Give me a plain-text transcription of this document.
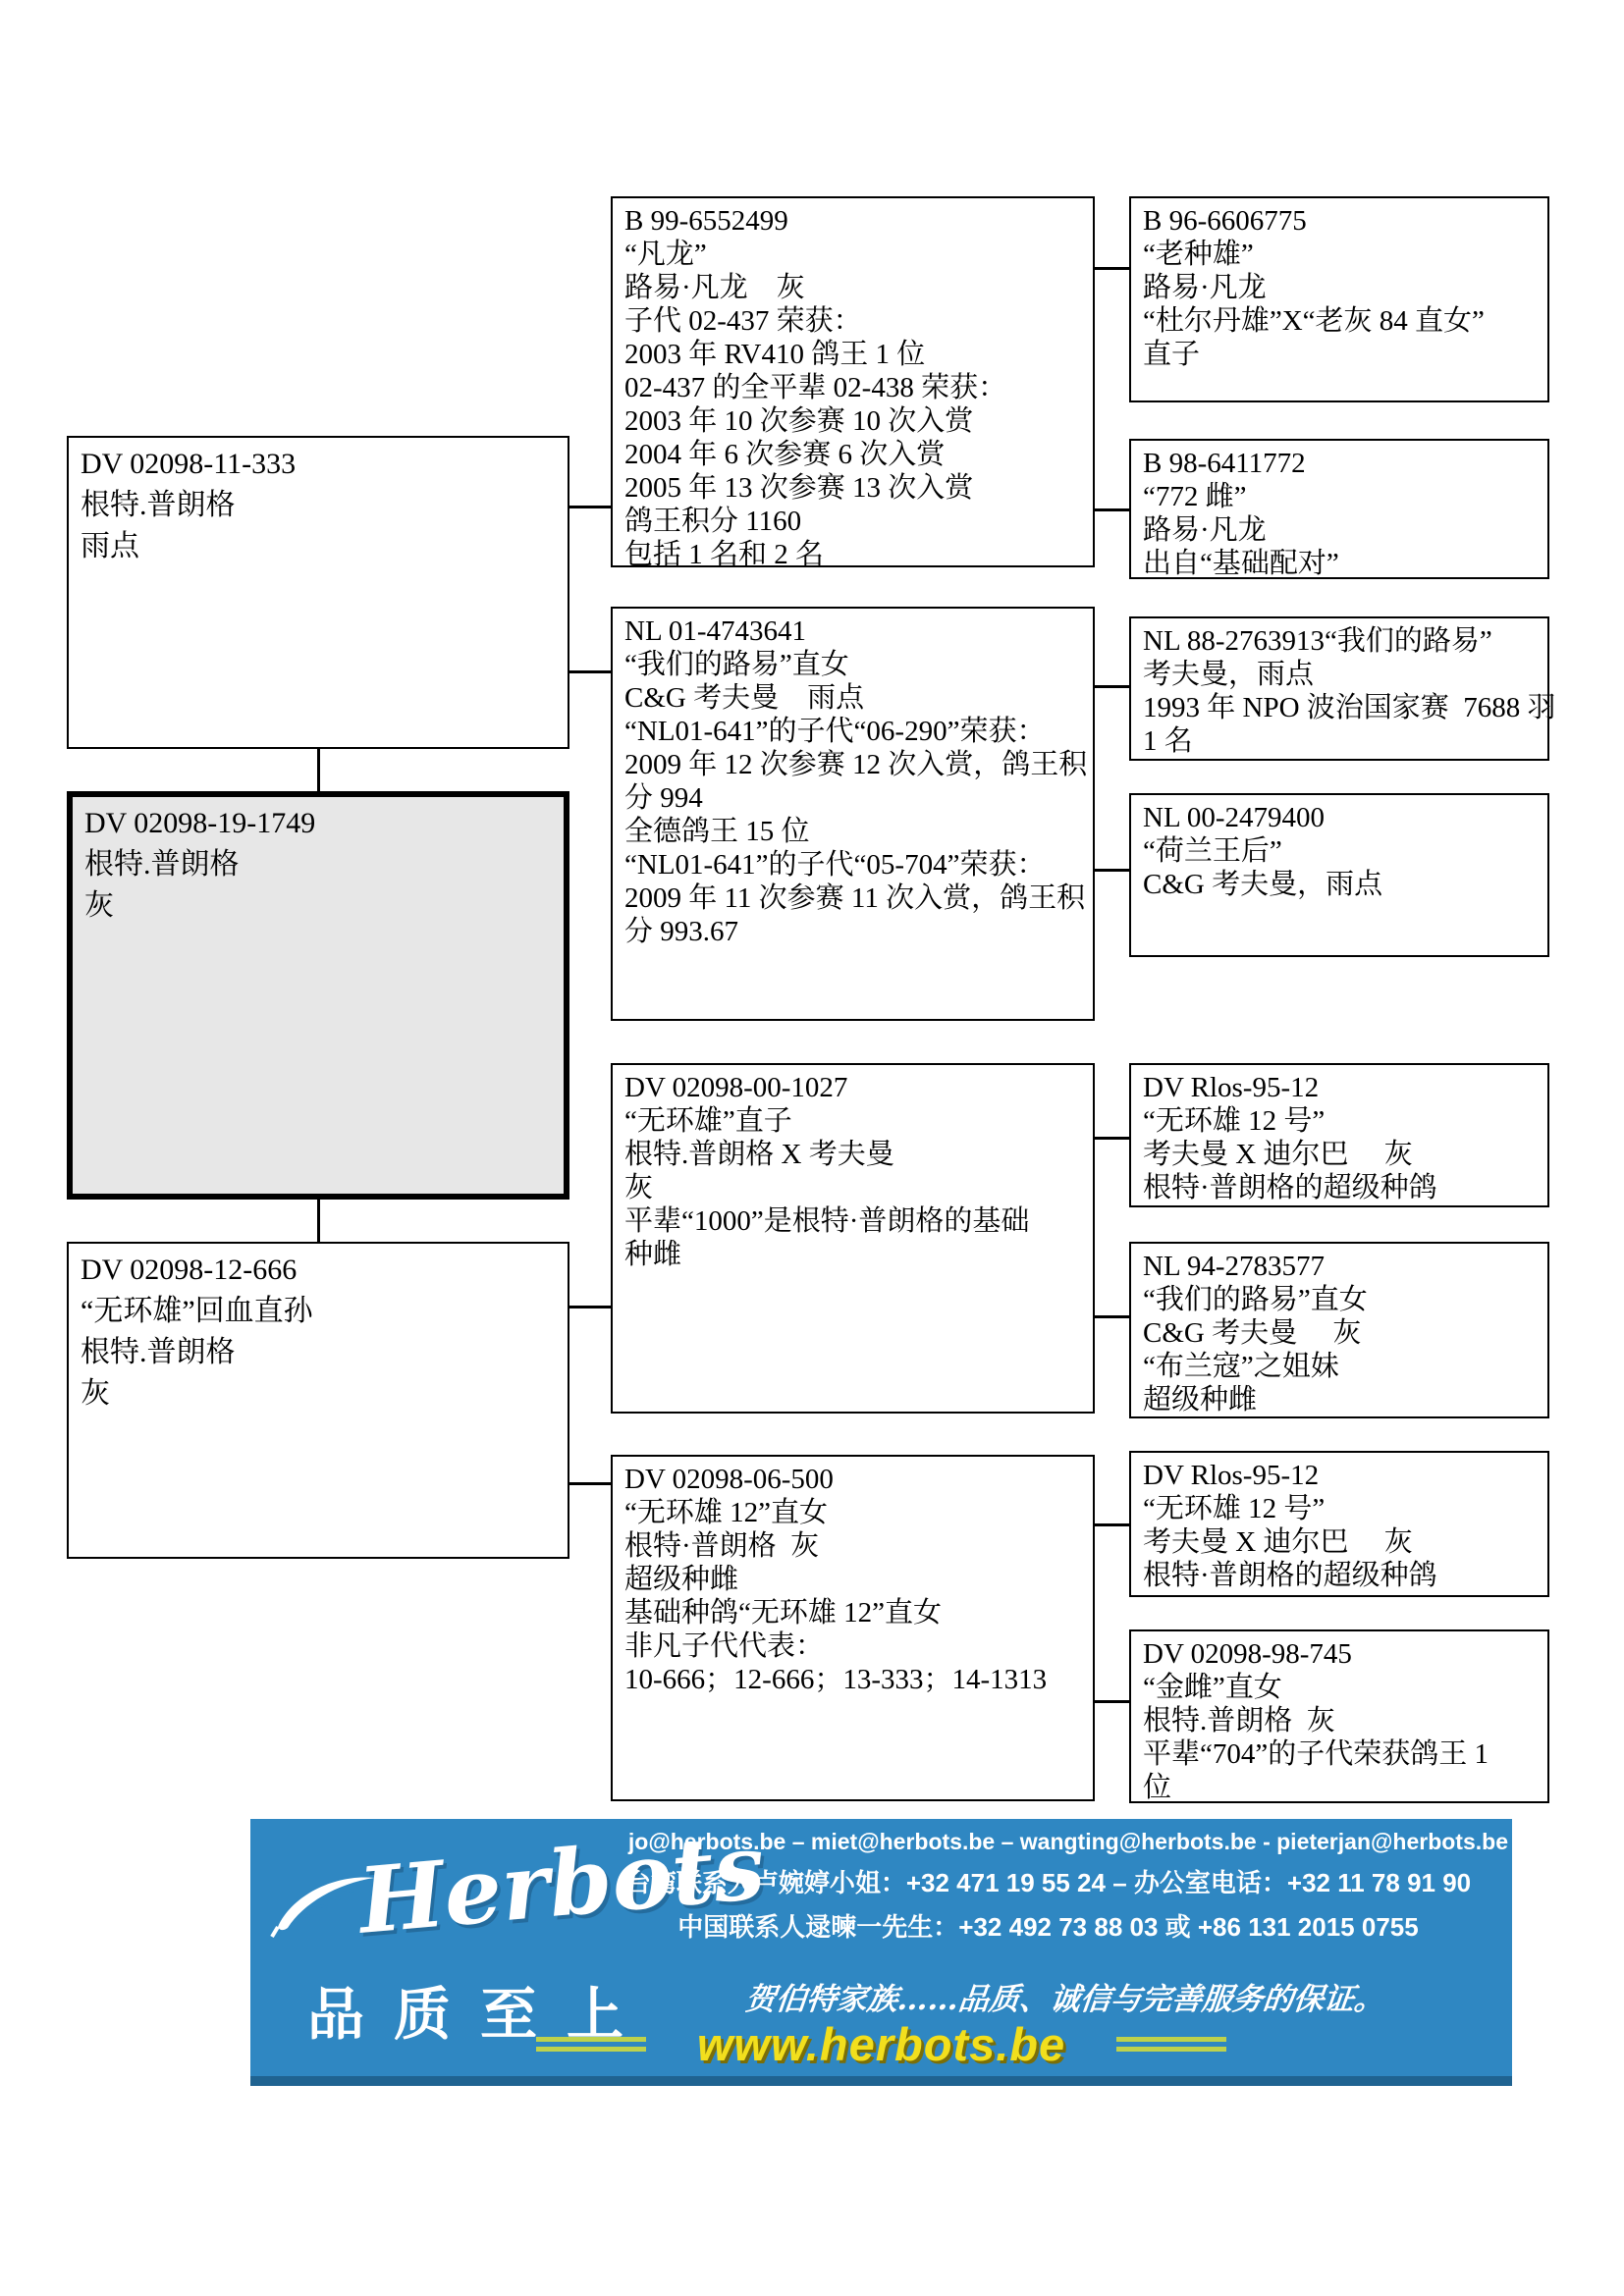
DV 02098-11-333
根特.普朗格
雨点
DV 02098-19-1749
根特.普朗格
灰
DV 02098-12-666
“无环雄”回血直孙
根特.普朗格
灰
B 99-6552499
“凡龙”
路易·凡龙　灰
子代 02-437 荣获：
2003 年 RV410 鸽王 1 位
02-437 的全平辈 02-438 荣获：
2003 年 10 次参赛 10 次入赏
2004 年 6 次参赛 6 次入赏
2005 年 13 次参赛 13 次入赏
鸽王积分 1160
包括 1 名和 2 名
NL 01-4743641
“我们的路易”直女
C&G 考夫曼　雨点
“NL01-641”的子代“06-290”荣获：
2009 年 12 次参赛 12 次入赏，鸽王积
分 994
全德鸽王 15 位
“NL01-641”的子代“05-704”荣获：
2009 年 11 次参赛 11 次入赏，鸽王积
分 993.67
DV 02098-00-1027
“无环雄”直子
根特.普朗格 X 考夫曼
灰
平辈“1000”是根特·普朗格的基础
种雌
DV 02098-06-500
“无环雄 12”直女
根特·普朗格  灰
超级种雌
基础种鸽“无环雄 12”直女
非凡子代代表：
10-666；12-666；13-333；14-1313
B 96-6606775
“老种雄”
路易·凡龙
“杜尔丹雄”X“老灰 84 直女”
直子
B 98-6411772
“772 雌”
路易·凡龙
出自“基础配对”
NL 88-2763913“我们的路易”
考夫曼，雨点
1993 年 NPO 波治国家赛  7688 羽
1 名
NL 00-2479400
“荷兰王后”
C&G 考夫曼，雨点
DV Rlos-95-12
“无环雄 12 号”
考夫曼 X 迪尔巴　 灰
根特·普朗格的超级种鸽
NL 94-2783577
“我们的路易”直女
C&G 考夫曼　 灰
“布兰寇”之姐妹
超级种雌
DV Rlos-95-12
“无环雄 12 号”
考夫曼 X 迪尔巴　 灰
根特·普朗格的超级种鸽
DV 02098-98-745
“金雌”直女
根特.普朗格  灰
平辈“704”的子代荣获鸽王 1
位
Herbots
品质至上
jo@herbots.be – miet@herbots.be – wangting@herbots.be - pieterjan@herbots.be
台湾联系人卢婉婷小姐：+32 471 19 55 24 – 办公室电话：+32 11 78 91 90
中国联系人逯暕一先生：+32 492 73 88 03 或 +86 131 2015 0755
贺伯特家族……品质、诚信与完善服务的保证。
www.herbots.be
